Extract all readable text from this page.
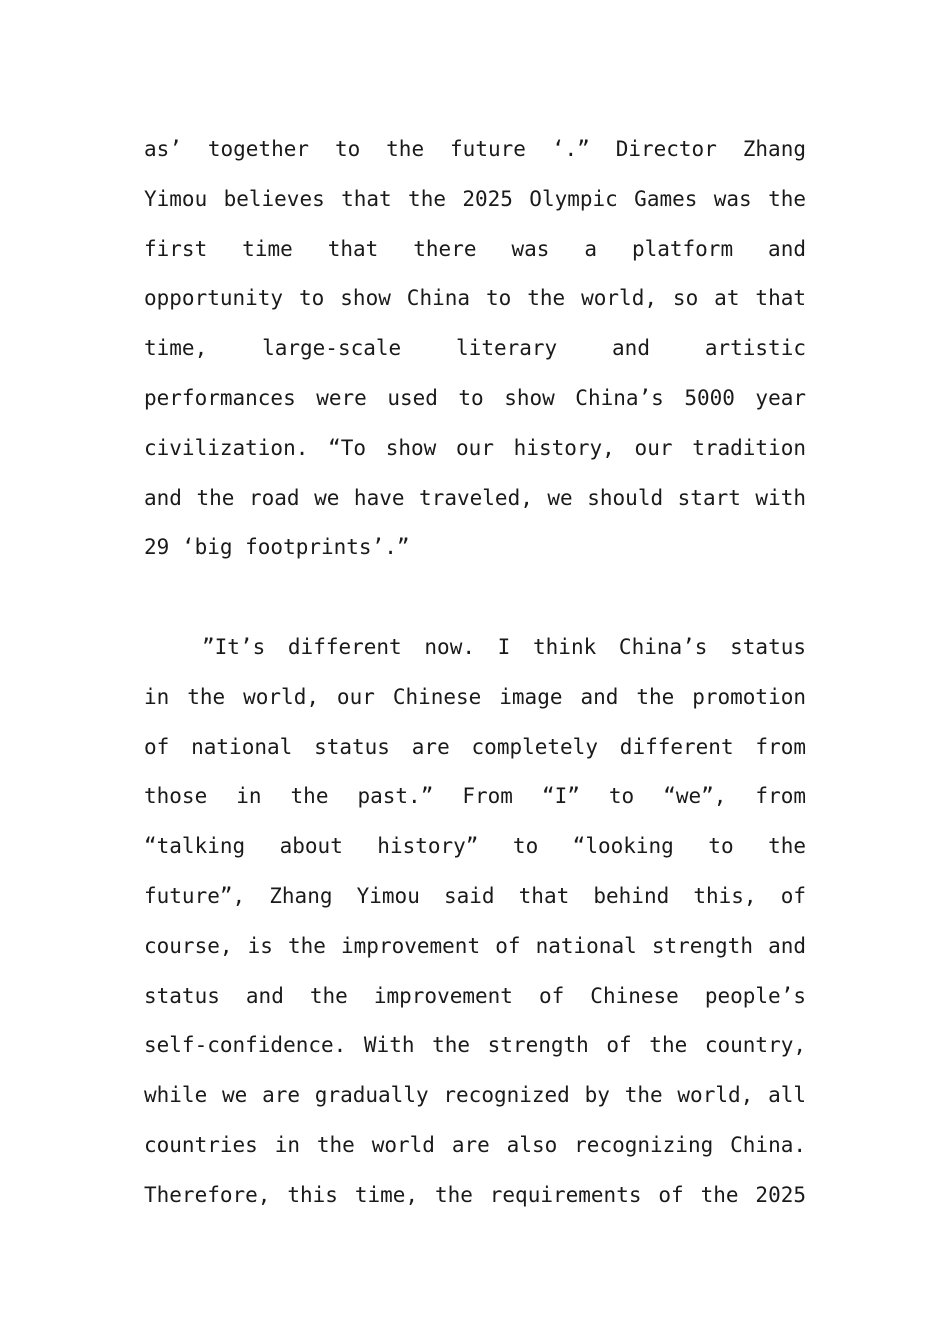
as’ together to the future ‘.” Director Zhang
Yimou believes that the 2025 Olympic Games was the
first time that there was a platform and
opportunity to show China to the world, so at that
time, large-scale literary and artistic
performances were used to show China’s 5000 year
civilization. “To show our history, our tradition
and the road we have traveled, we should start with
29 ‘big footprints’.”
”It’s different now. I think China’s status
in the world, our Chinese image and the promotion
of national status are completely different from
those in the past.” From “I” to “we”, from
“talking about history” to “looking to the
future”, Zhang Yimou said that behind this, of
course, is the improvement of national strength and
status and the improvement of Chinese people’s
self-confidence. With the strength of the country,
while we are gradually recognized by the world, all
countries in the world are also recognizing China.
Therefore, this time, the requirements of the 2025
